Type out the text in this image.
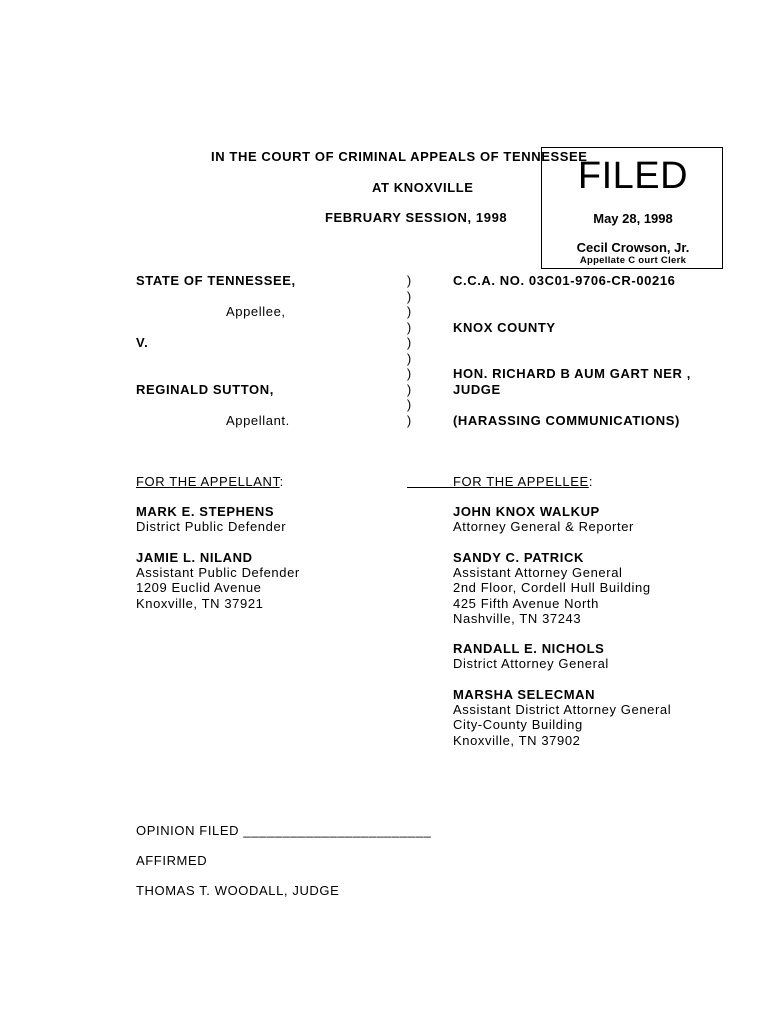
IN THE COURT OF CRIMINAL APPEALS OF TENNESSEE
AT KNOXVILLE
FEBRUARY SESSION, 1998
FILED
May 28, 1998
Cecil Crowson, Jr.
Appellate C ourt Clerk
STATE OF TENNESSEE,
Appellee,
V.
REGINALD SUTTON,
Appellant.
)
)
)
)
)
)
)
)
)
)
C.C.A. NO. 03C01-9706-CR-00216
KNOX COUNTY
HON. RICHARD B AUM GART NER ,
JUDGE
(HARASSING COMMUNICATIONS)
FOR THE APPELLANT:	FOR THE APPELLEE:
MARK E. STEPHENS
District Public Defender
JAMIE L. NILAND
Assistant Public Defender
1209 Euclid Avenue
Knoxville, TN 37921
JOHN KNOX WALKUP
Attorney General & Reporter
SANDY C. PATRICK
Assistant Attorney General
2nd Floor, Cordell Hull Building
425 Fifth Avenue North
Nashville, TN 37243
RANDALL E. NICHOLS
District Attorney General
MARSHA SELECMAN
Assistant District Attorney General
City-County Building
Knoxville, TN 37902
OPINION FILED ________________________
AFFIRMED
THOMAS T. WOODALL, JUDGE
